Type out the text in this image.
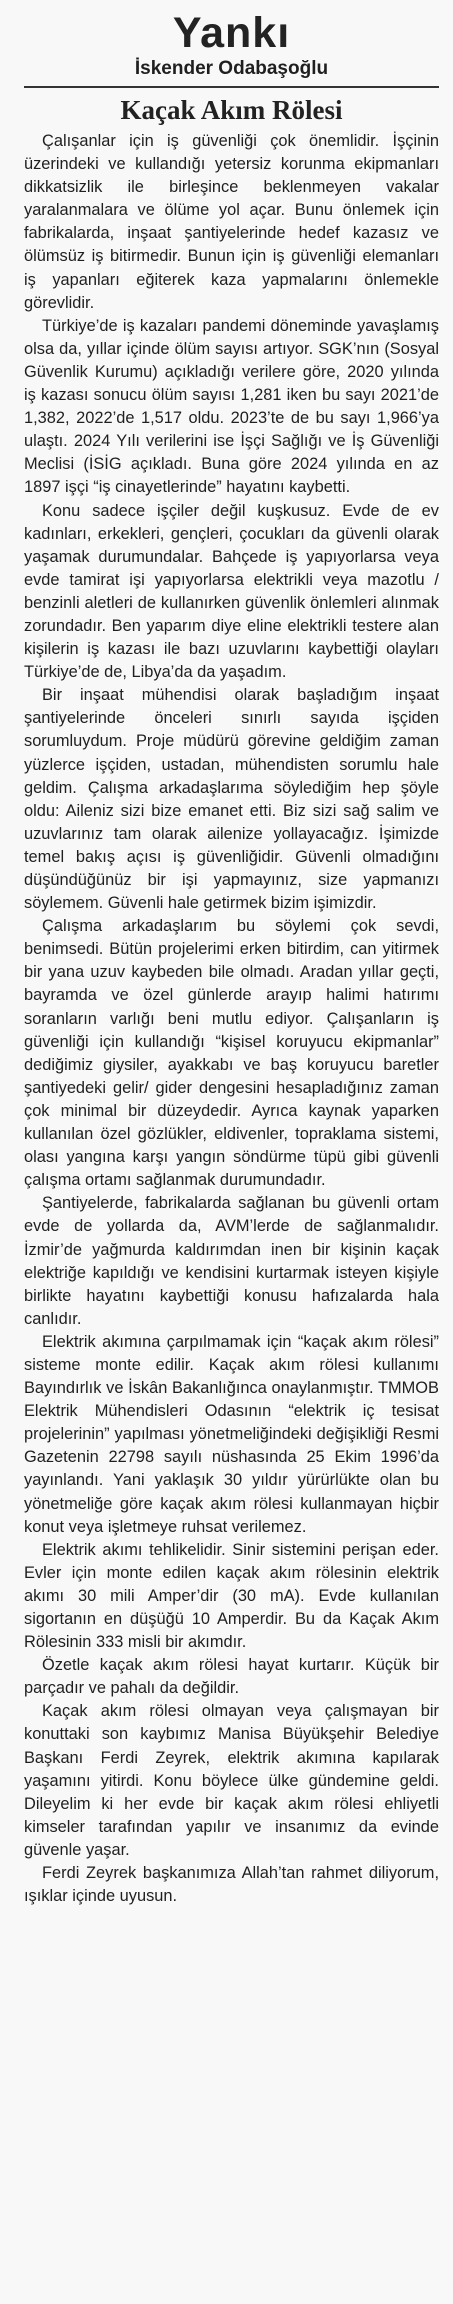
Yankı
İskender Odabaşoğlu
Kaçak Akım Rölesi

Çalışanlar için iş güvenliği çok önemlidir. İşçinin üzerindeki ve kullandığı yetersiz korunma ekipmanları dikkatsizlik ile birleşince beklenmeyen vakalar yaralanmalara ve ölüme yol açar. Bunu önlemek için fabrikalarda, inşaat şantiyelerinde hedef kazasız ve ölümsüz iş bitirmedir. Bunun için iş güvenliği elemanları iş yapanları eğiterek kaza yapmalarını önlemekle görevlidir.

Türkiye’de iş kazaları pandemi döneminde yavaşlamış olsa da, yıllar içinde ölüm sayısı artıyor. SGK’nın (Sosyal Güvenlik Kurumu) açıkladığı verilere göre, 2020 yılında iş kazası sonucu ölüm sayısı 1,281 iken bu sayı 2021’de 1,382, 2022’de 1,517 oldu. 2023’te de bu sayı 1,966’ya ulaştı. 2024 Yılı verilerini ise İşçi Sağlığı ve İş Güvenliği Meclisi (İSİG açıkladı. Buna göre 2024 yılında en az 1897 işçi “iş cinayetlerinde” hayatını kaybetti.

Konu sadece işçiler değil kuşkusuz. Evde de ev kadınları, erkekleri, gençleri, çocukları da güvenli olarak yaşamak durumundalar. Bahçede iş yapıyorlarsa veya evde tamirat işi yapıyorlarsa elektrikli veya mazotlu / benzinli aletleri de kullanırken güvenlik önlemleri alınmak zorundadır. Ben yaparım diye eline elektrikli testere alan kişilerin iş kazası ile bazı uzuvlarını kaybettiği olayları Türkiye’de de, Libya’da da yaşadım.

Bir inşaat mühendisi olarak başladığım inşaat şantiyelerinde önceleri sınırlı sayıda işçiden sorumluydum. Proje müdürü görevine geldiğim zaman yüzlerce işçiden, ustadan, mühendisten sorumlu hale geldim. Çalışma arkadaşlarıma söylediğim hep şöyle oldu: Aileniz sizi bize emanet etti. Biz sizi sağ salim ve uzuvlarınız tam olarak ailenize yollayacağız. İşimizde temel bakış açısı iş güvenliğidir. Güvenli olmadığını düşündüğünüz bir işi yapmayınız, size yapmanızı söylemem. Güvenli hale getirmek bizim işimizdir.

Çalışma arkadaşlarım bu söylemi çok sevdi, benimsedi. Bütün projelerimi erken bitirdim, can yitirmek bir yana uzuv kaybeden bile olmadı. Aradan yıllar geçti, bayramda ve özel günlerde arayıp halimi hatırımı soranların varlığı beni mutlu ediyor. Çalışanların iş güvenliği için kullandığı “kişisel koruyucu ekipmanlar” dediğimiz giysiler, ayakkabı ve baş koruyucu baretler şantiyedeki gelir/ gider dengesini hesapladığınız zaman çok minimal bir düzeydedir. Ayrıca kaynak yaparken kullanılan özel gözlükler, eldivenler, topraklama sistemi, olası yangına karşı yangın söndürme tüpü gibi güvenli çalışma ortamı sağlanmak durumundadır.

Şantiyelerde, fabrikalarda sağlanan bu güvenli ortam evde de yollarda da, AVM’lerde de sağlanmalıdır. İzmir’de yağmurda kaldırımdan inen bir kişinin kaçak elektriğe kapıldığı ve kendisini kurtarmak isteyen kişiyle birlikte hayatını kaybettiği konusu hafızalarda hala canlıdır.

Elektrik akımına çarpılmamak için “kaçak akım rölesi” sisteme monte edilir. Kaçak akım rölesi kullanımı Bayındırlık ve İskân Bakanlığınca onaylanmıştır. TMMOB Elektrik Mühendisleri Odasının “elektrik iç tesisat projelerinin” yapılması yönetmeliğindeki değişikliği Resmi Gazetenin 22798 sayılı nüshasında 25 Ekim 1996’da yayınlandı. Yani yaklaşık 30 yıldır yürürlükte olan bu yönetmeliğe göre kaçak akım rölesi kullanmayan hiçbir konut veya işletmeye ruhsat verilemez.

Elektrik akımı tehlikelidir. Sinir sistemini perişan eder. Evler için monte edilen kaçak akım rölesinin elektrik akımı 30 mili Amper’dir (30 mA). Evde kullanılan sigortanın en düşüğü 10 Amperdir. Bu da Kaçak Akım Rölesinin 333 misli bir akımdır.

Özetle kaçak akım rölesi hayat kurtarır. Küçük bir parçadır ve pahalı da değildir.

Kaçak akım rölesi olmayan veya çalışmayan bir konuttaki son kaybımız Manisa Büyükşehir Belediye Başkanı Ferdi Zeyrek, elektrik akımına kapılarak yaşamını yitirdi. Konu böylece ülke gündemine geldi. Dileyelim ki her evde bir kaçak akım rölesi ehliyetli kimseler tarafından yapılır ve insanımız da evinde güvenle yaşar.

Ferdi Zeyrek başkanımıza Allah’tan rahmet diliyorum, ışıklar içinde uyusun.
